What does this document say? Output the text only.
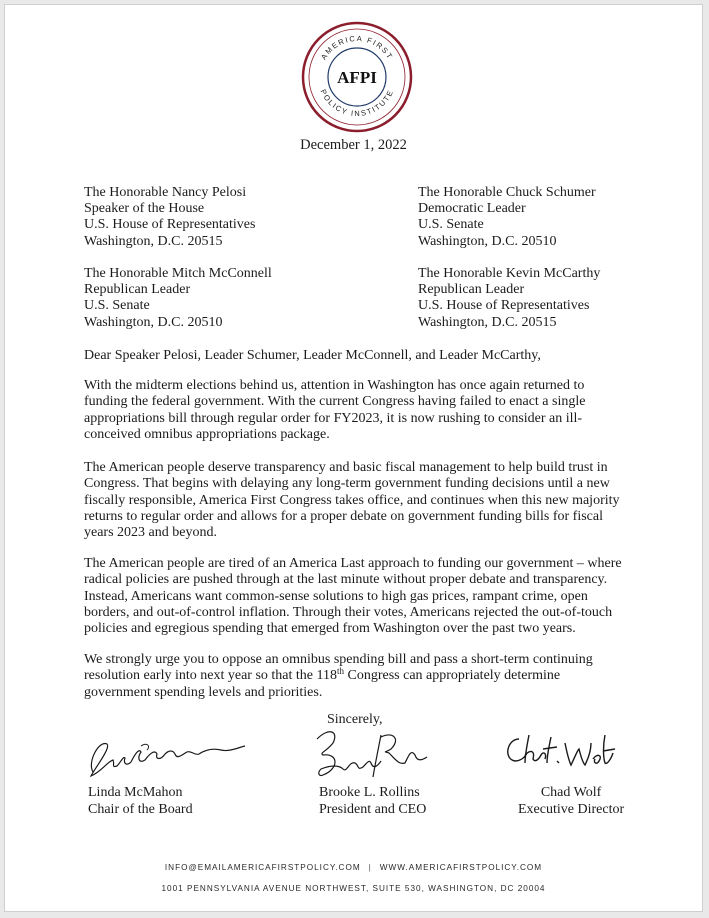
AMERICA FIRST
POLICY INSTITUTE
AFPI
December 1, 2022
The Honorable Nancy Pelosi
Speaker of the House
U.S. House of Representatives
Washington, D.C. 20515
The Honorable Chuck Schumer
Democratic Leader
U.S. Senate
Washington, D.C. 20510
The Honorable Mitch McConnell
Republican Leader
U.S. Senate
Washington, D.C. 20510
The Honorable Kevin McCarthy
Republican Leader
U.S. House of Representatives
Washington, D.C. 20515
Dear Speaker Pelosi, Leader Schumer, Leader McConnell, and Leader McCarthy,

With the midterm elections behind us, attention in Washington has once again returned to funding the federal government. With the current Congress having failed to enact a single appropriations bill through regular order for FY2023, it is now rushing to consider an ill-conceived omnibus appropriations package.

The American people deserve transparency and basic fiscal management to help build trust in Congress. That begins with delaying any long-term government funding decisions until a new fiscally responsible, America First Congress takes office, and continues when this new majority returns to regular order and allows for a proper debate on government funding bills for fiscal years 2023 and beyond.

The American people are tired of an America Last approach to funding our government – where radical policies are pushed through at the last minute without proper debate and transparency. Instead, Americans want common-sense solutions to high gas prices, rampant crime, open borders, and out-of-control inflation. Through their votes, Americans rejected the out-of-touch policies and egregious spending that emerged from Washington over the past two years.

We strongly urge you to oppose an omnibus spending bill and pass a short-term continuing resolution early into next year so that the 118th Congress can appropriately determine government spending levels and priorities.

Sincerely,
Linda McMahon
Chair of the Board
Brooke L. Rollins
President and CEO
Chad Wolf
Executive Director
INFO@EMAILAMERICAFIRSTPOLICY.COM | WWW.AMERICAFIRSTPOLICY.COM
1001 PENNSYLVANIA AVENUE NORTHWEST, SUITE 530, WASHINGTON, DC 20004
